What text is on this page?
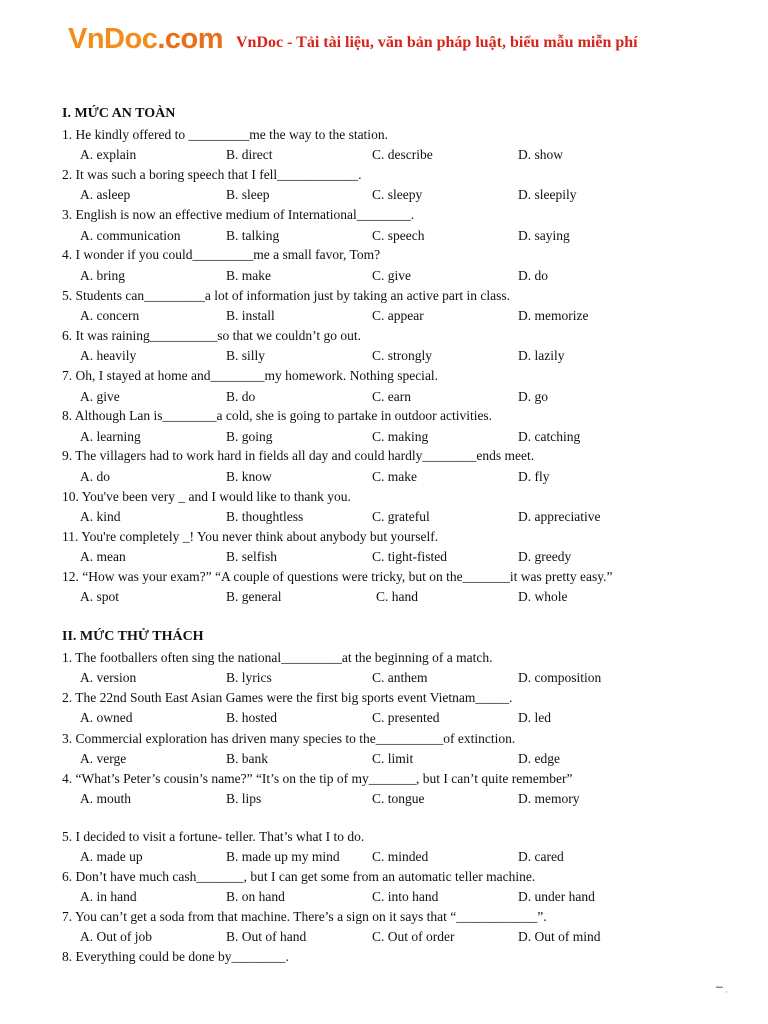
VnDoc.com VnDoc - Tải tài liệu, văn bản pháp luật, biểu mẫu miễn phí
I. MỨC AN TOÀN
1. He kindly offered to _________me the way to the station.
A. explain	B. direct	C. describe	D. show
2. It was such a boring speech that I fell____________.
A. asleep	B. sleep	C. sleepy	D. sleepily
3. English is now an effective medium of International________.
A. communication	B. talking	C. speech	D. saying
4. I wonder if you could_________me a small favor, Tom?
A. bring	B. make	C. give	D. do
5. Students can_________a lot of information just by taking an active part in class.
A. concern	B. install	C. appear	D. memorize
6. It was raining__________so that we couldn’t go out.
A. heavily	B. silly	C. strongly	D. lazily
7. Oh, I stayed at home and________my homework. Nothing special.
A. give	B. do	C. earn	D. go
8. Although Lan is________a cold, she is going to partake in outdoor activities.
A. learning	B. going	C. making	D. catching
9. The villagers had to work hard in fields all day and could hardly________ends meet.
A. do	B. know	C. make	D. fly
10. You've been very _ and I would like to thank you.
A. kind	B. thoughtless	C. grateful	D. appreciative
11. You're completely _! You never think about anybody but yourself.
A. mean	B. selfish	C. tight-fisted	D. greedy
12. “How was your exam?” “A couple of questions were tricky, but on the_______it was pretty easy.”
A. spot	B. general	C. hand	D. whole
II. MỨC THỬ THÁCH
1. The footballers often sing the national_________at the beginning of a match.
A. version	B. lyrics	C. anthem	D. composition
2. The 22nd South East Asian Games were the first big sports event Vietnam_____.
A. owned	B. hosted	C. presented	D. led
3. Commercial exploration has driven many species to the__________of extinction.
A. verge	B. bank	C. limit	D. edge
4. “What’s Peter’s cousin’s name?” “It’s on the tip of my_______, but I can’t quite remember”
A. mouth	B. lips	C. tongue	D. memory
5. I decided to visit a fortune- teller. That’s what I to do.
A. made up	B. made up my mind C. minded	D. cared
6. Don’t have much cash_______, but I can get some from an automatic teller machine.
A. in hand	B. on hand	C. into hand	D. under hand
7. You can’t get a soda from that machine. There’s a sign on it says that “____________”.
A. Out of job	B. Out of hand	C. Out of order	D. Out of mind
8. Everything could be done by________.
▔ ·
